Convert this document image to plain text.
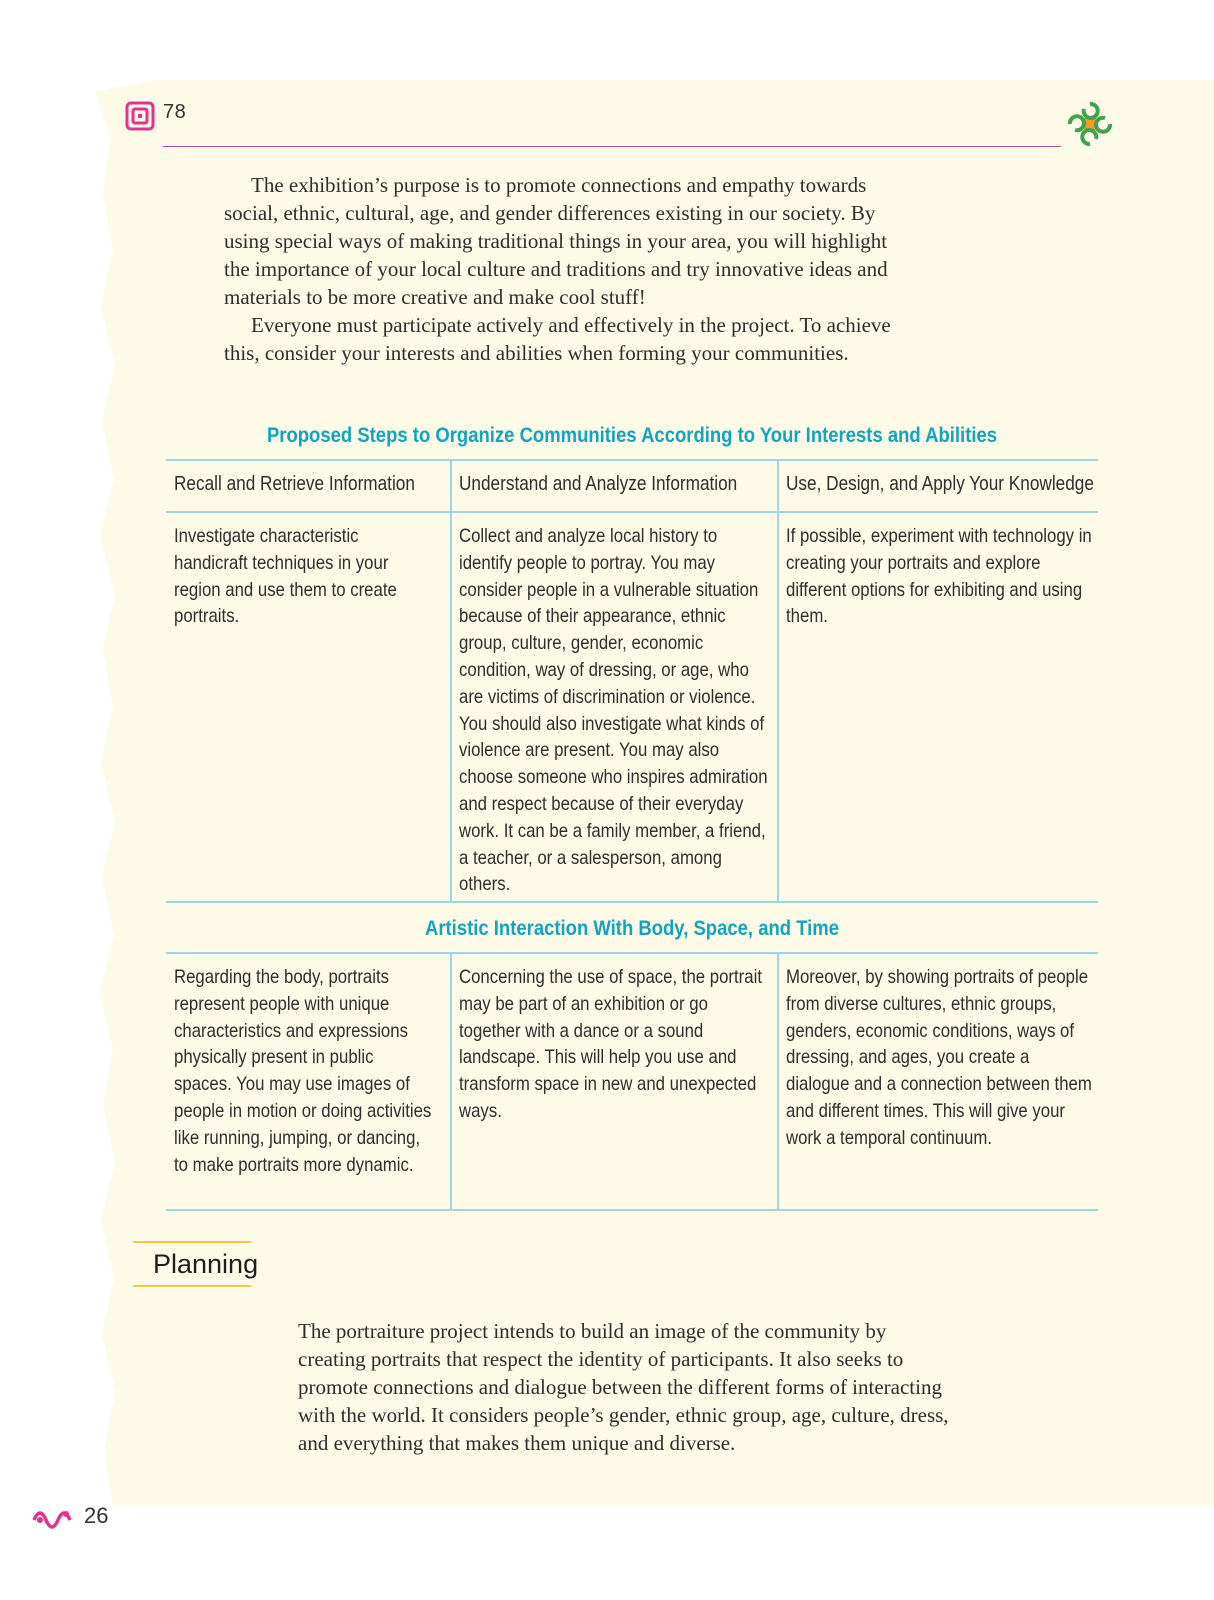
78

The exhibition’s purpose is to promote connections and empathy towards social, ethnic, cultural, age, and gender differences existing in our society. By using special ways of making traditional things in your area, you will highlight the importance of your local culture and traditions and try innovative ideas and materials to be more creative and make cool stuff!

Everyone must participate actively and effectively in the project. To achieve this, consider your interests and abilities when forming your communities.

Proposed Steps to Organize Communities According to Your Interests and Abilities
Recall and Retrieve Information	Understand and Analyze Information	Use, Design, and Apply Your Knowledge
Investigate characteristic handicraft techniques in your region and use them to create portraits.
Collect and analyze local history to identify people to portray. You may consider people in a vulnerable situation because of their appearance, ethnic group, culture, gender, economic condition, way of dressing, or age, who are victims of discrimination or violence. You should also investigate what kinds of violence are present. You may also choose someone who inspires admiration and respect because of their everyday work. It can be a family member, a friend, a teacher, or a salesperson, among others.
If possible, experiment with technology in creating your portraits and explore different options for exhibiting and using them.
Artistic Interaction With Body, Space, and Time
Regarding the body, portraits represent people with unique characteristics and expressions physically present in public spaces. You may use images of people in motion or doing activities like running, jumping, or dancing, to make portraits more dynamic.
Concerning the use of space, the portrait may be part of an exhibition or go together with a dance or a sound landscape. This will help you use and transform space in new and unexpected ways.
Moreover, by showing portraits of people from diverse cultures, ethnic groups, genders, economic conditions, ways of dressing, and ages, you create a dialogue and a connection between them and different times. This will give your work a temporal continuum.
Planning
The portraiture project intends to build an image of the community by creating portraits that respect the identity of participants. It also seeks to promote connections and dialogue between the different forms of interacting with the world. It considers people’s gender, ethnic group, age, culture, dress, and everything that makes them unique and diverse.
26
